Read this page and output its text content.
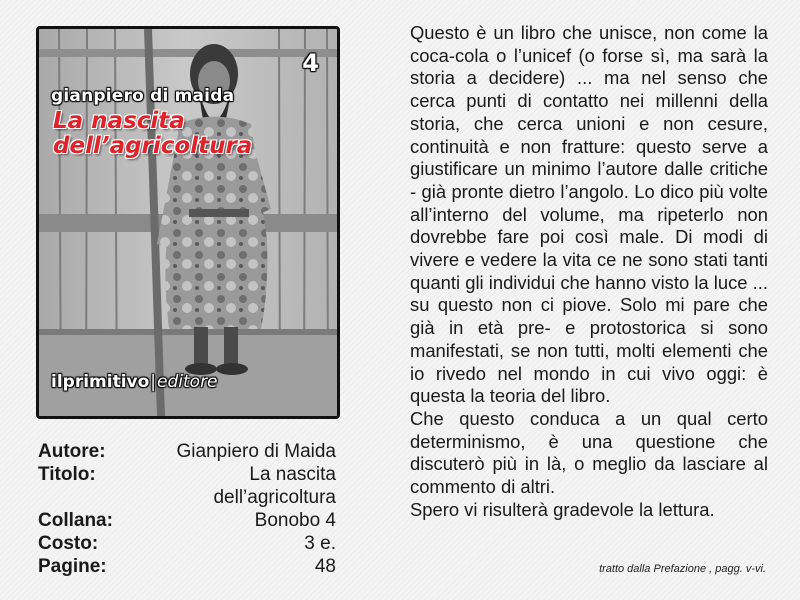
4
gianpiero di maida
La nascita
dell’agricoltura
ilprimitivo|editore
Autore:	Gianpiero di Maida
Titolo:	La nascita dell’agricoltura
Collana:	Bonobo 4
Costo:	3 e.
Pagine:	48

Questo è un libro che unisce, non come la coca-cola o l’unicef (o forse sì, ma sarà la storia a decidere) ... ma nel senso che cerca punti di contatto nei millenni della storia, che cerca unioni e non cesure, continuità e non fratture: questo serve a giustificare un minimo l’autore dalle critiche - già pronte dietro l’angolo. Lo dico più volte all’interno del volume, ma ripeterlo non dovrebbe fare poi così male. Di modi di vivere e vedere la vita ce ne sono stati tanti quanti gli individui che hanno visto la luce ... su questo non ci piove. Solo mi pare che già in età pre- e protostorica si sono manifestati, se non tutti, molti elementi che io rivedo nel mondo in cui vivo oggi: è questa la teoria del libro.

Che questo conduca a un qual certo determinismo, è una questione che discuterò più in là, o meglio da lasciare al commento di altri.

Spero vi risulterà gradevole la lettura.

tratto dalla Prefazione , pagg. v-vi.
